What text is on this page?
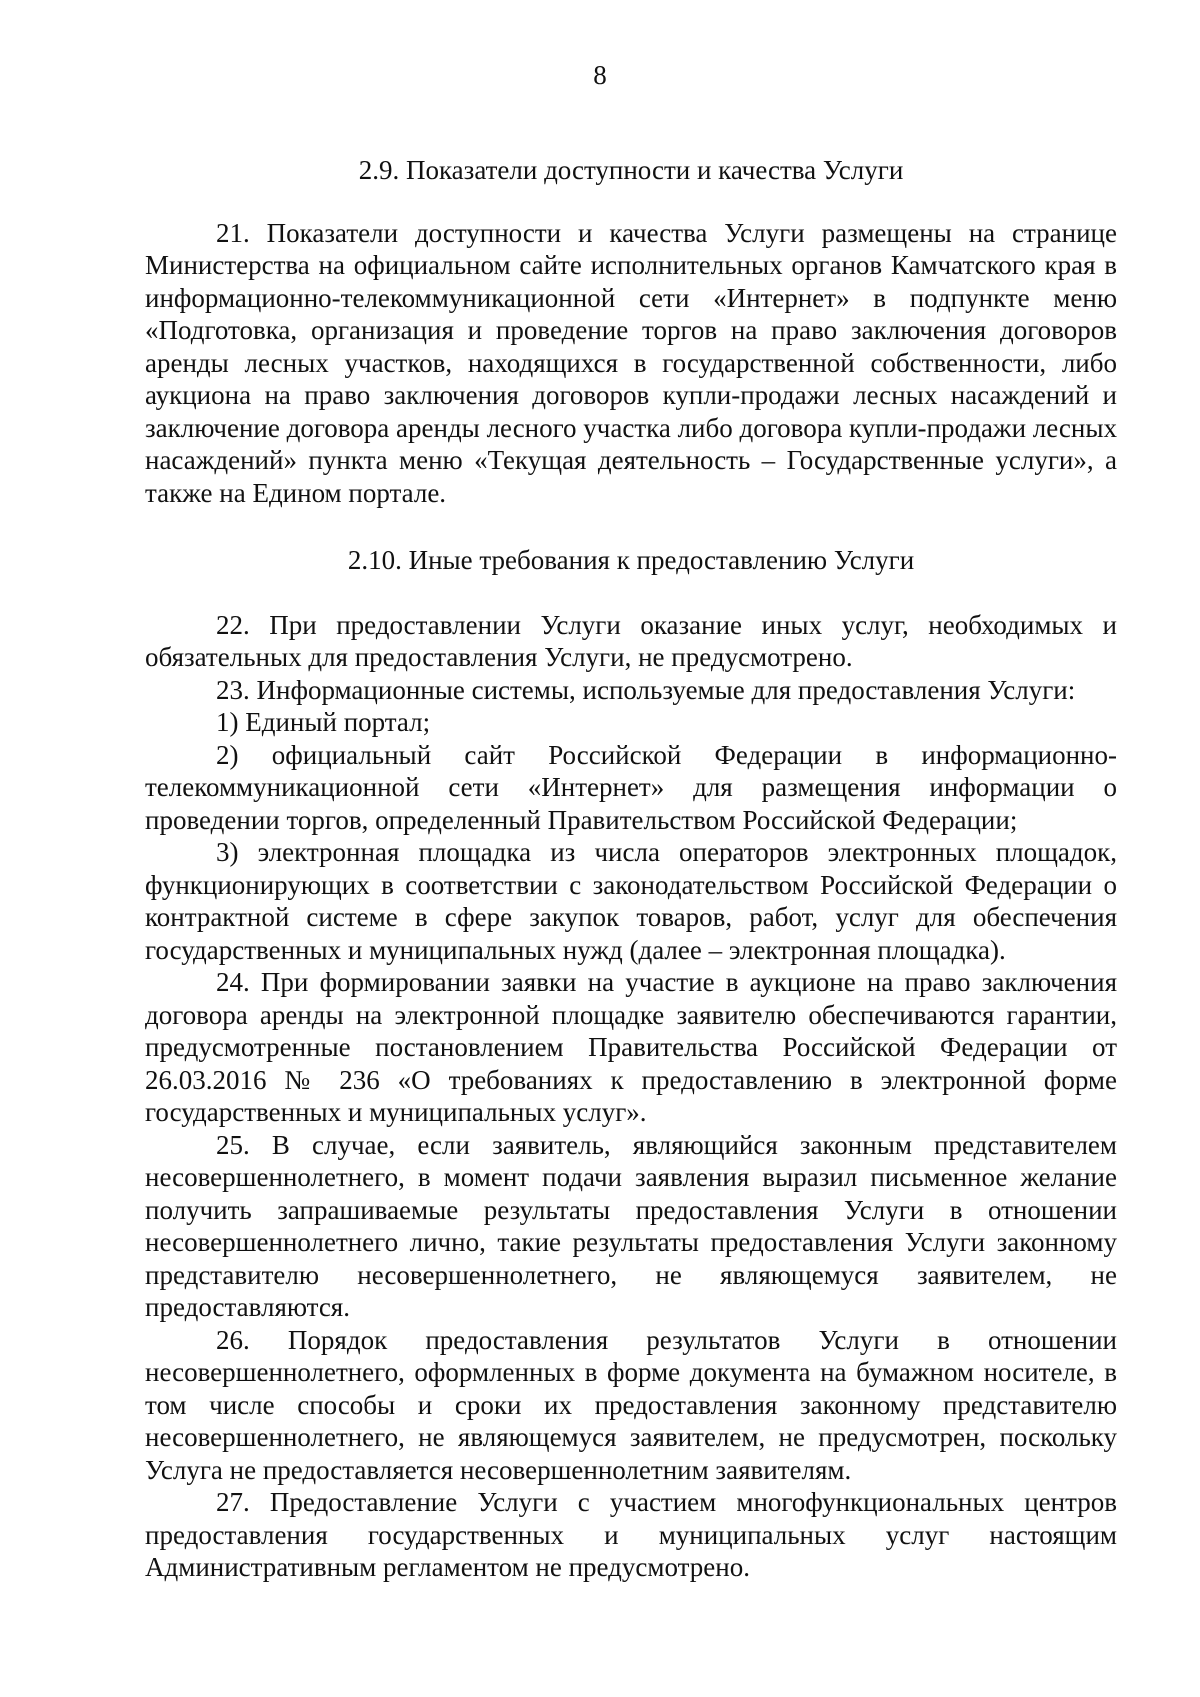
8

2.9. Показатели доступности и качества Услуги

21. Показатели доступности и качества Услуги размещены на странице Министерства на официальном сайте исполнительных органов Камчатского края в информационно-телекоммуникационной сети «Интернет» в подпункте меню «Подготовка, организация и проведение торгов на право заключения договоров аренды лесных участков, находящихся в государственной собственности, либо аукциона на право заключения договоров купли-продажи лесных насаждений и заключение договора аренды лесного участка либо договора купли-продажи лесных насаждений» пункта меню «Текущая деятельность – Государственные услуги», а также на Едином портале.

2.10. Иные требования к предоставлению Услуги

22. При предоставлении Услуги оказание иных услуг, необходимых и обязательных для предоставления Услуги, не предусмотрено.

23. Информационные системы, используемые для предоставления Услуги:

1) Единый портал;

2) официальный сайт Российской Федерации в информационно-телекоммуникационной сети «Интернет» для размещения информации о проведении торгов, определенный Правительством Российской Федерации;

3) электронная площадка из числа операторов электронных площадок, функционирующих в соответствии с законодательством Российской Федерации о контрактной системе в сфере закупок товаров, работ, услуг для обеспечения государственных и муниципальных нужд (далее – электронная площадка).

24. При формировании заявки на участие в аукционе на право заключения договора аренды на электронной площадке заявителю обеспечиваются гарантии, предусмотренные постановлением Правительства Российской Федерации от 26.03.2016 № 236 «О требованиях к предоставлению в электронной форме государственных и муниципальных услуг».

25. В случае, если заявитель, являющийся законным представителем несовершеннолетнего, в момент подачи заявления выразил письменное желание получить запрашиваемые результаты предоставления Услуги в отношении несовершеннолетнего лично, такие результаты предоставления Услуги законному представителю несовершеннолетнего, не являющемуся заявителем, не предоставляются.

26. Порядок предоставления результатов Услуги в отношении несовершеннолетнего, оформленных в форме документа на бумажном носителе, в том числе способы и сроки их предоставления законному представителю несовершеннолетнего, не являющемуся заявителем, не предусмотрен, поскольку Услуга не предоставляется несовершеннолетним заявителям.

27. Предоставление Услуги с участием многофункциональных центров предоставления государственных и муниципальных услуг настоящим Административным регламентом не предусмотрено.
